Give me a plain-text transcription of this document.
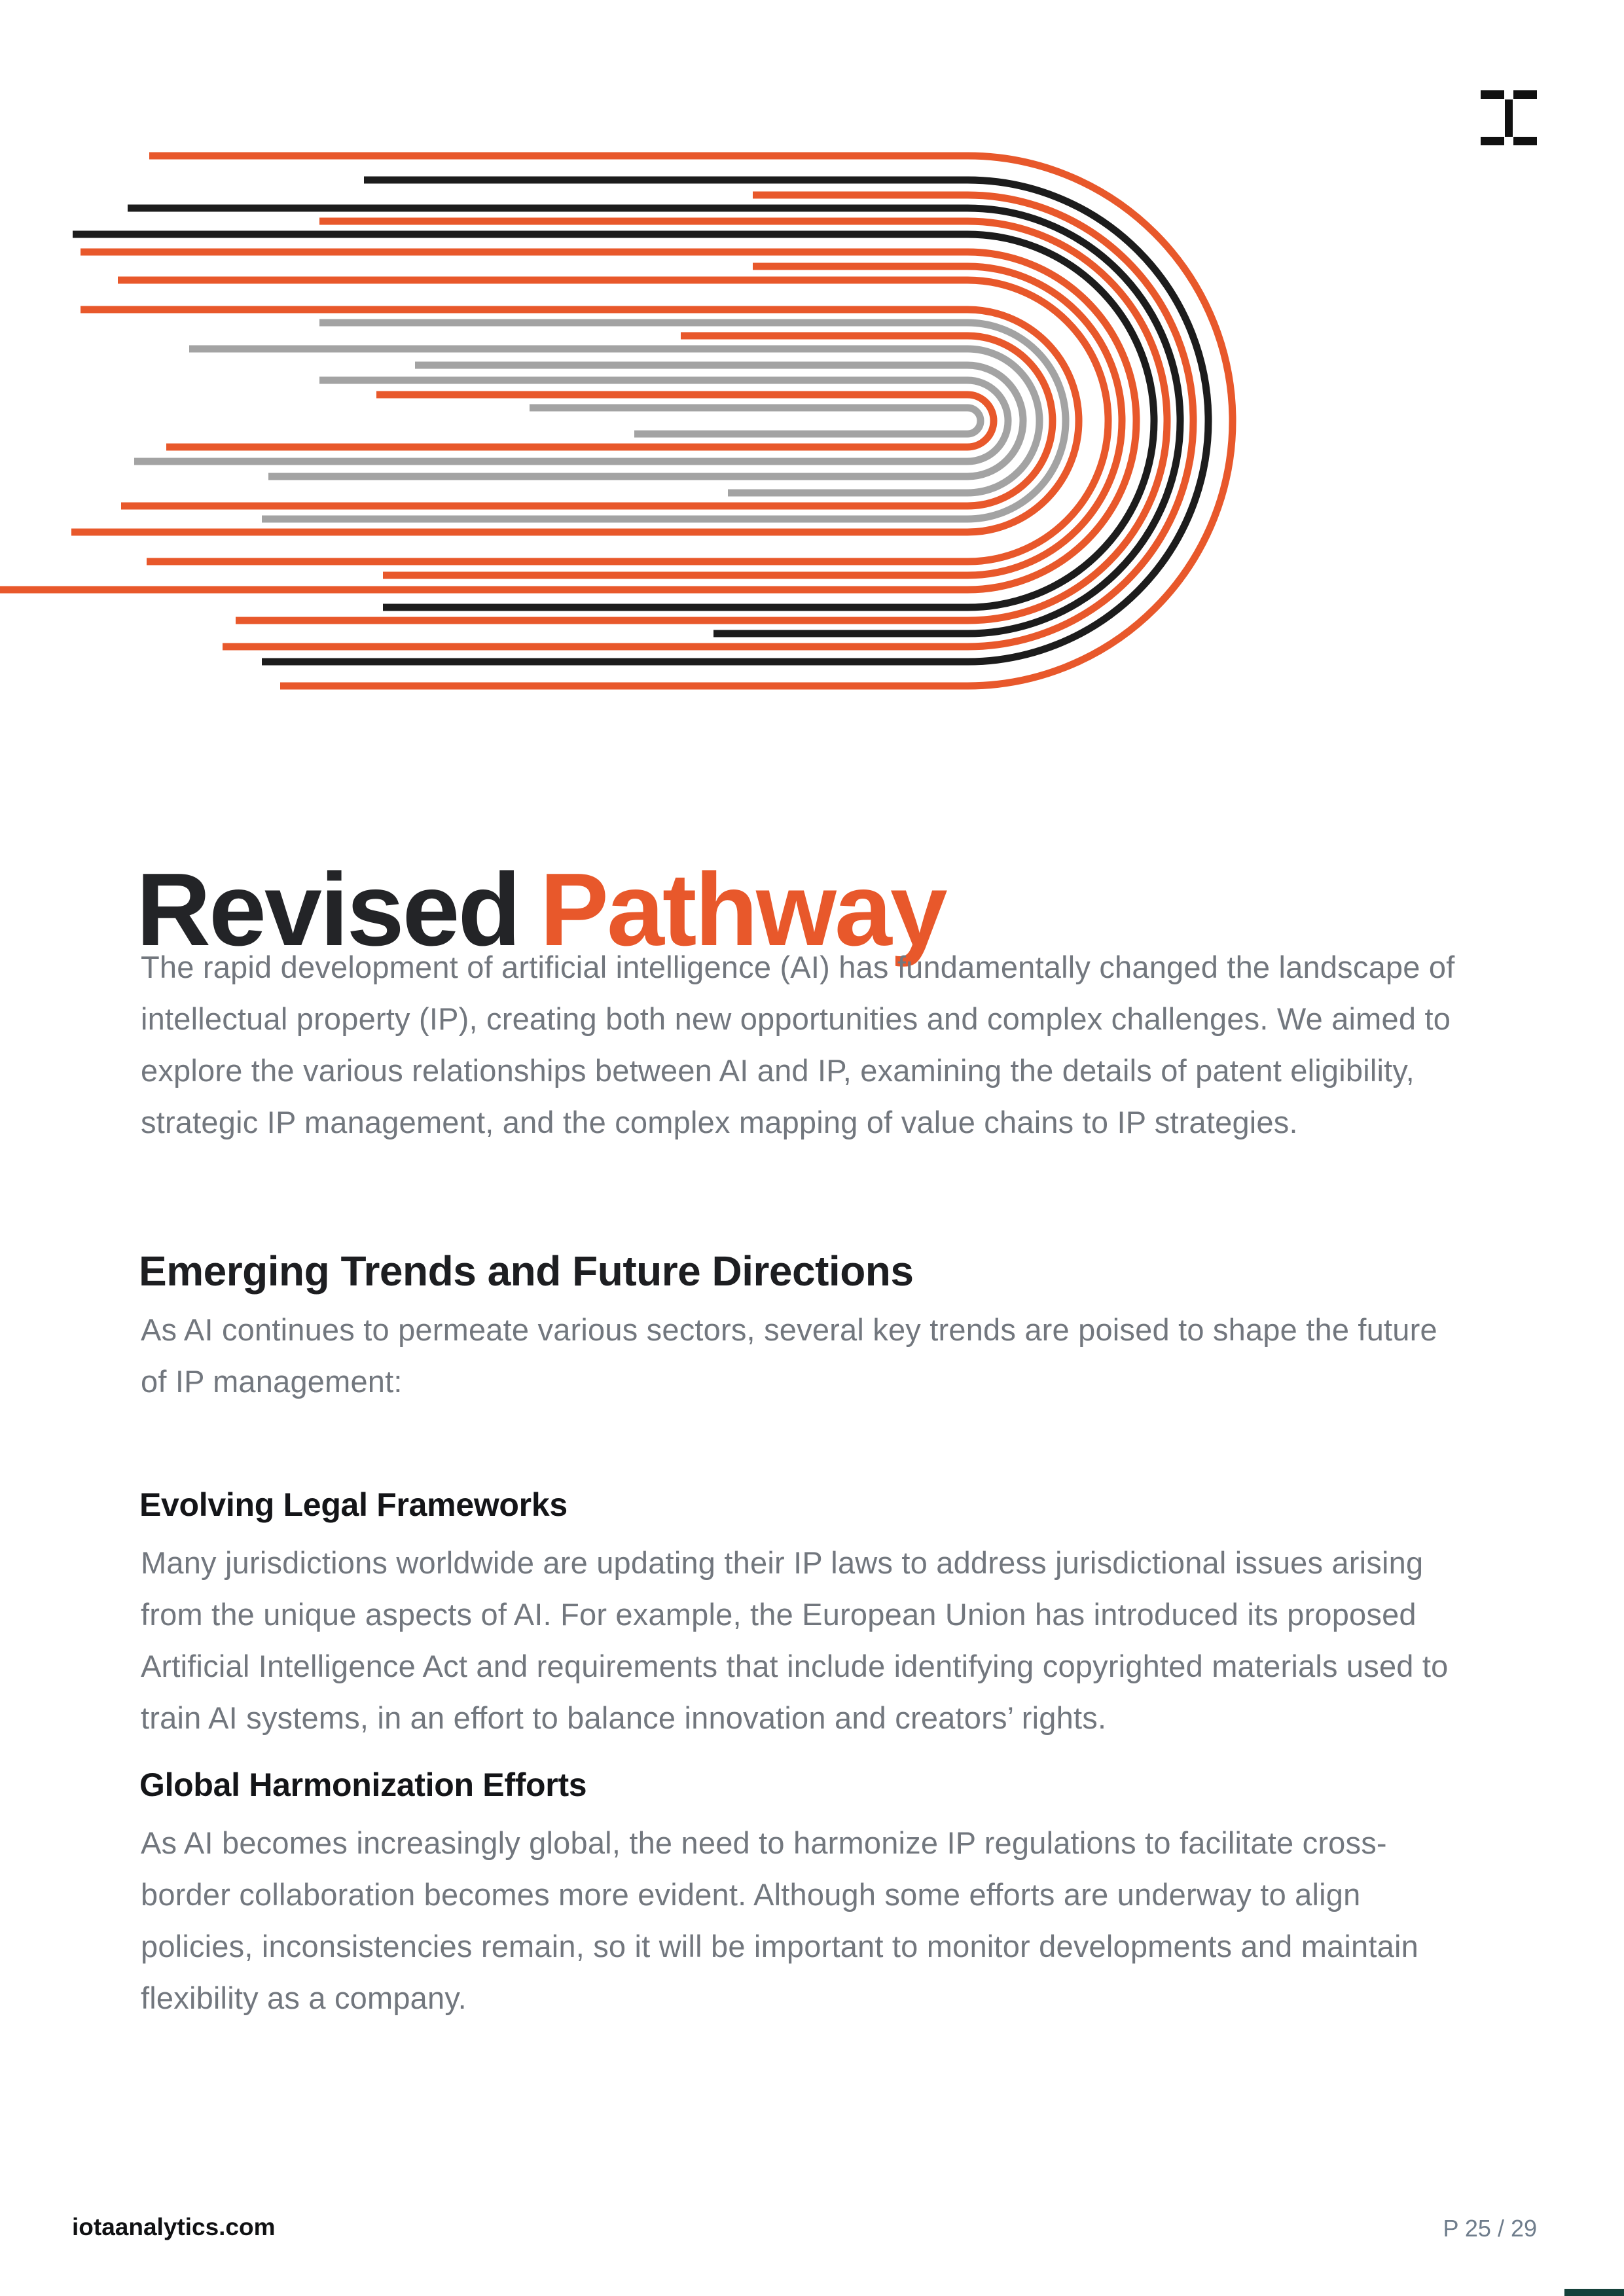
Revised Pathway

The rapid development of artificial intelligence (AI) has fundamentally changed the landscape of intellectual property (IP), creating both new opportunities and complex challenges. We aimed to explore the various relationships between AI and IP, examining the details of patent eligibility, strategic IP management, and the complex mapping of value chains to IP strategies.

Emerging Trends and Future Directions

As AI continues to permeate various sectors, several key trends are poised to shape the future of IP management:

Evolving Legal Frameworks

Many jurisdictions worldwide are updating their IP laws to address jurisdictional issues arising from the unique aspects of AI. For example, the European Union has introduced its proposed Artificial Intelligence Act and requirements that include identifying copyrighted materials used to train AI systems, in an effort to balance innovation and creators’ rights.

Global Harmonization Efforts

As AI becomes increasingly global, the need to harmonize IP regulations to facilitate cross-border collaboration becomes more evident. Although some efforts are underway to align policies, inconsistencies remain, so it will be important to monitor developments and maintain flexibility as a company.

iotaanalytics.com	P 25 / 29
